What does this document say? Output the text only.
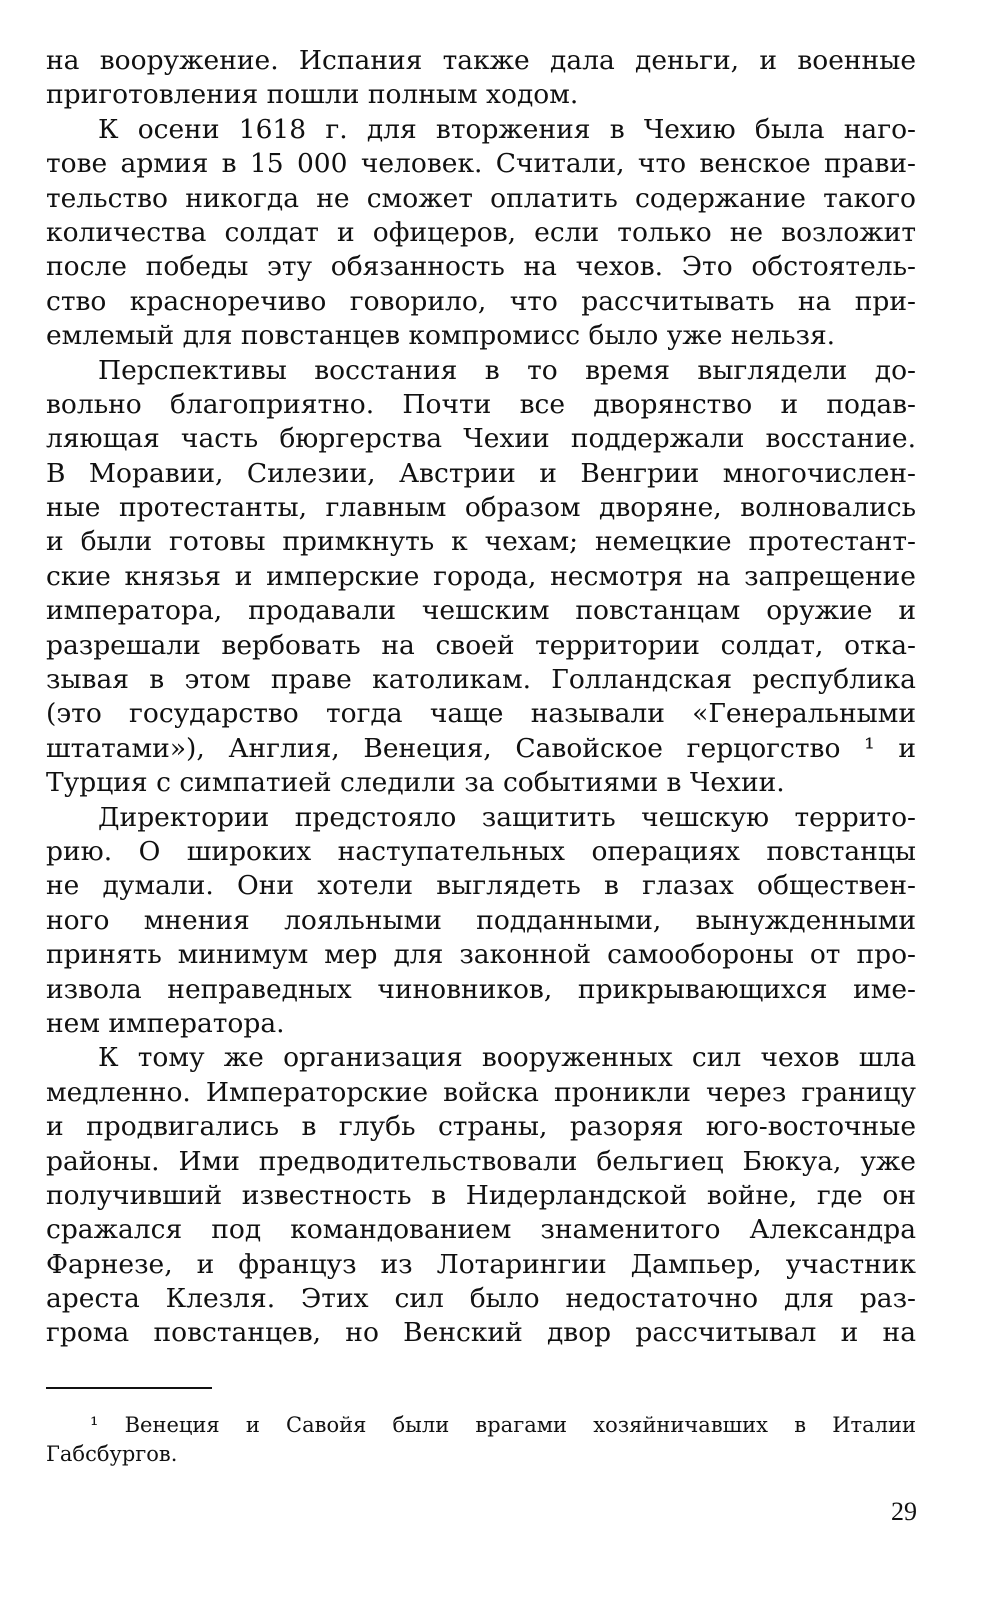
на вооружение. Испания также дала деньги, и военные
приготовления пошли полным ходом.
К осени 1618 г. для вторжения в Чехию была наго-
тове армия в 15 000 человек. Считали, что венское прави-
тельство никогда не сможет оплатить содержание такого
количества солдат и офицеров, если только не возложит
после победы эту обязанность на чехов. Это обстоятель-
ство красноречиво говорило, что рассчитывать на при-
емлемый для повстанцев компромисс было уже нельзя.
Перспективы восстания в то время выглядели до-
вольно благоприятно. Почти все дворянство и подав-
ляющая часть бюргерства Чехии поддержали восстание.
В Моравии, Силезии, Австрии и Венгрии многочислен-
ные протестанты, главным образом дворяне, волновались
и были готовы примкнуть к чехам; немецкие протестант-
ские князья и имперские города, несмотря на запрещение
императора, продавали чешским повстанцам оружие и
разрешали вербовать на своей территории солдат, отка-
зывая в этом праве католикам. Голландская республика
(это государство тогда чаще называли «Генеральными
штатами»), Англия, Венеция, Савойское герцогство ¹ и
Турция с симпатией следили за событиями в Чехии.
Директории предстояло защитить чешскую террито-
рию. О широких наступательных операциях повстанцы
не думали. Они хотели выглядеть в глазах обществен-
ного мнения лояльными подданными, вынужденными
принять минимум мер для законной самообороны от про-
извола неправедных чиновников, прикрывающихся име-
нем императора.
К тому же организация вооруженных сил чехов шла
медленно. Императорские войска проникли через границу
и продвигались в глубь страны, разоряя юго-восточные
районы. Ими предводительствовали бельгиец Бюкуа, уже
получивший известность в Нидерландской войне, где он
сражался под командованием знаменитого Александра
Фарнезе, и француз из Лотарингии Дампьер, участник
ареста Клезля. Этих сил было недостаточно для раз-
грома повстанцев, но Венский двор рассчитывал и на
¹ Венеция и Савойя были врагами хозяйничавших в Италии
Габсбургов.
29
